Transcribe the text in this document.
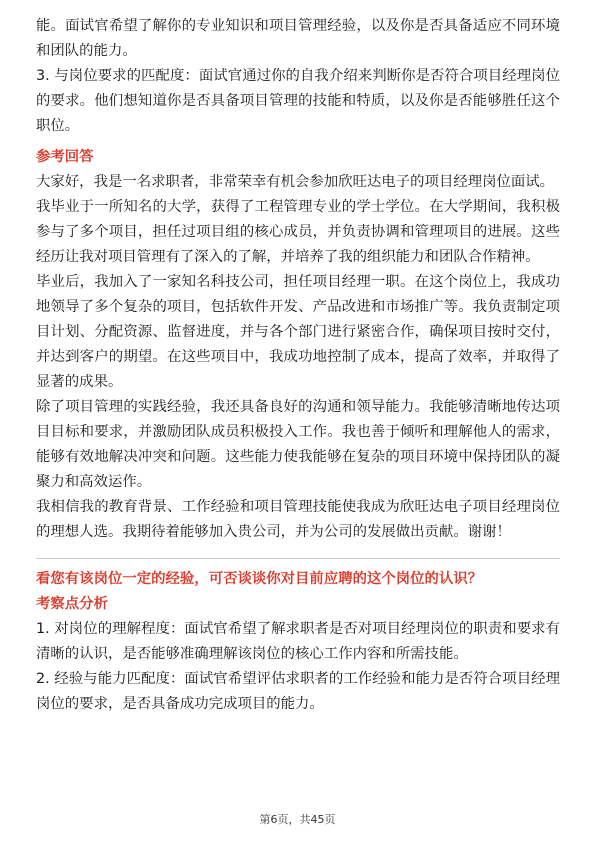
能。面试官希望了解你的专业知识和项目管理经验，以及你是否具备适应不同环境和团队的能力。

3. 与岗位要求的匹配度：面试官通过你的自我介绍来判断你是否符合项目经理岗位的要求。他们想知道你是否具备项目管理的技能和特质，以及你是否能够胜任这个职位。

参考回答

大家好，我是一名求职者，非常荣幸有机会参加欣旺达电子的项目经理岗位面试。

我毕业于一所知名的大学，获得了工程管理专业的学士学位。在大学期间，我积极参与了多个项目，担任过项目组的核心成员，并负责协调和管理项目的进展。这些经历让我对项目管理有了深入的了解，并培养了我的组织能力和团队合作精神。

毕业后，我加入了一家知名科技公司，担任项目经理一职。在这个岗位上，我成功地领导了多个复杂的项目，包括软件开发、产品改进和市场推广等。我负责制定项目计划、分配资源、监督进度，并与各个部门进行紧密合作，确保项目按时交付，并达到客户的期望。在这些项目中，我成功地控制了成本，提高了效率，并取得了显著的成果。

除了项目管理的实践经验，我还具备良好的沟通和领导能力。我能够清晰地传达项目目标和要求，并激励团队成员积极投入工作。我也善于倾听和理解他人的需求，能够有效地解决冲突和问题。这些能力使我能够在复杂的项目环境中保持团队的凝聚力和高效运作。

我相信我的教育背景、工作经验和项目管理技能使我成为欣旺达电子项目经理岗位的理想人选。我期待着能够加入贵公司，并为公司的发展做出贡献。谢谢！

看您有该岗位一定的经验，可否谈谈你对目前应聘的这个岗位的认识？
考察点分析

1. 对岗位的理解程度：面试官希望了解求职者是否对项目经理岗位的职责和要求有清晰的认识，是否能够准确理解该岗位的核心工作内容和所需技能。

2. 经验与能力匹配度：面试官希望评估求职者的工作经验和能力是否符合项目经理岗位的要求，是否具备成功完成项目的能力。

第6页，共45页
